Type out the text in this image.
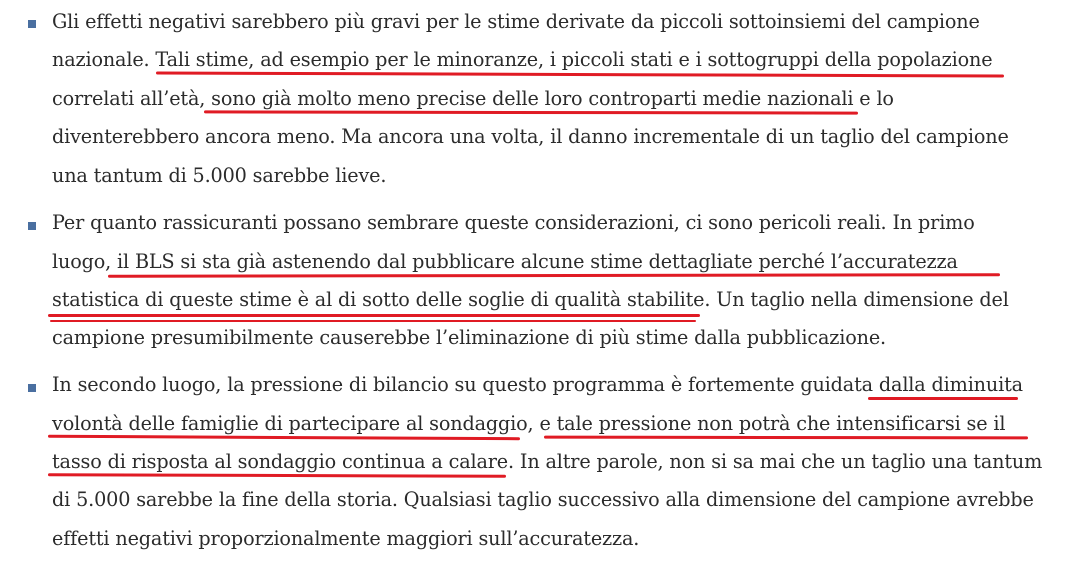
Gli effetti negativi sarebbero più gravi per le stime derivate da piccoli sottoinsiemi del campione
nazionale. Tali stime, ad esempio per le minoranze, i piccoli stati e i sottogruppi della popolazione
correlati all’età, sono già molto meno precise delle loro controparti medie nazionali e lo
diventerebbero ancora meno. Ma ancora una volta, il danno incrementale di un taglio del campione
una tantum di 5.000 sarebbe lieve.
Per quanto rassicuranti possano sembrare queste considerazioni, ci sono pericoli reali. In primo
luogo, il BLS si sta già astenendo dal pubblicare alcune stime dettagliate perché l’accuratezza
statistica di queste stime è al di sotto delle soglie di qualità stabilite. Un taglio nella dimensione del
campione presumibilmente causerebbe l’eliminazione di più stime dalla pubblicazione.
In secondo luogo, la pressione di bilancio su questo programma è fortemente guidata dalla diminuita
volontà delle famiglie di partecipare al sondaggio, e tale pressione non potrà che intensificarsi se il
tasso di risposta al sondaggio continua a calare. In altre parole, non si sa mai che un taglio una tantum
di 5.000 sarebbe la fine della storia. Qualsiasi taglio successivo alla dimensione del campione avrebbe
effetti negativi proporzionalmente maggiori sull’accuratezza.
